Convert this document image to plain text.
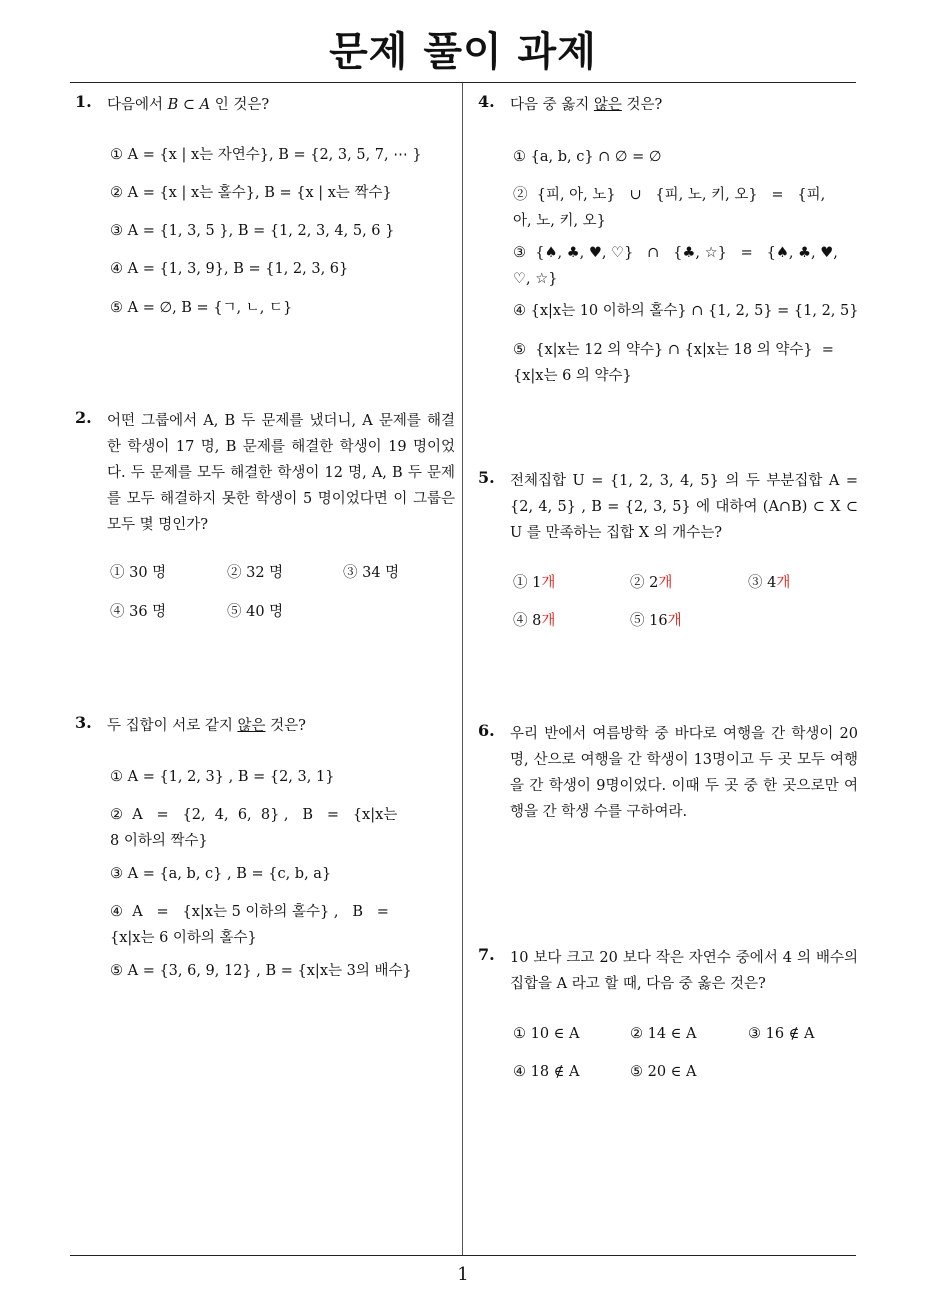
문제 풀이 과제
1. 다음에서 B ⊂ A 인 것은?
① A = {x | x는 자연수}, B = {2, 3, 5, 7, ⋯ }
② A = {x | x는 홀수}, B = {x | x는 짝수}
③ A = {1, 3, 5 }, B = {1, 2, 3, 4, 5, 6 }
④ A = {1, 3, 9}, B = {1, 2, 3, 6}
⑤ A = ∅, B = {ㄱ, ㄴ, ㄷ}
2. 어떤 그룹에서 A, B 두 문제를 냈더니, A 문제를 해결한 학생이 17 명, B 문제를 해결한 학생이 19 명이었다. 두 문제를 모두 해결한 학생이 12 명, A, B 두 문제를 모두 해결하지 못한 학생이 5 명이었다면 이 그룹은 모두 몇 명인가?
① 30 명	② 32 명	③ 34 명
④ 36 명	⑤ 40 명
3. 두 집합이 서로 같지 않은 것은?
① A = {1, 2, 3} , B = {2, 3, 1}
②  A   =   {2,  4,  6,  8} ,   B   =   {x|x는 8 이하의 짝수}
③ A = {a, b, c} , B = {c, b, a}
④  A   =   {x|x는 5 이하의 홀수} ,   B   =   {x|x는 6 이하의 홀수}
⑤ A = {3, 6, 9, 12} , B = {x|x는 3의 배수}
4. 다음 중 옳지 않은 것은?
① {a, b, c} ∩ ∅ = ∅
②  {피, 아, 노}   ∪   {피, 노, 키, 오}   =   {피, 아, 노, 키, 오}
③  {♠, ♣, ♥, ♡}   ∩   {♣, ☆}   =   {♠, ♣, ♥, ♡, ☆}
④ {x|x는 10 이하의 홀수} ∩ {1, 2, 5} = {1, 2, 5}
⑤  {x|x는 12 의 약수} ∩ {x|x는 18 의 약수}  =  {x|x는 6 의 약수}
5. 전체집합 U = {1, 2, 3, 4, 5} 의 두 부분집합 A = {2, 4, 5} , B = {2, 3, 5} 에 대하여 (A∩B) ⊂ X ⊂ U 를 만족하는 집합 X 의 개수는?
① 1개	② 2개	③ 4개
④ 8개	⑤ 16개
6. 우리 반에서 여름방학 중 바다로 여행을 간 학생이 20 명, 산으로 여행을 간 학생이 13명이고 두 곳 모두 여행을 간 학생이 9명이었다. 이때 두 곳 중 한 곳으로만 여행을 간 학생 수를 구하여라.
7. 10 보다 크고 20 보다 작은 자연수 중에서 4 의 배수의 집합을 A 라고 할 때, 다음 중 옳은 것은?
① 10 ∈ A	② 14 ∈ A	③ 16 ∉ A
④ 18 ∉ A	⑤ 20 ∈ A
1
